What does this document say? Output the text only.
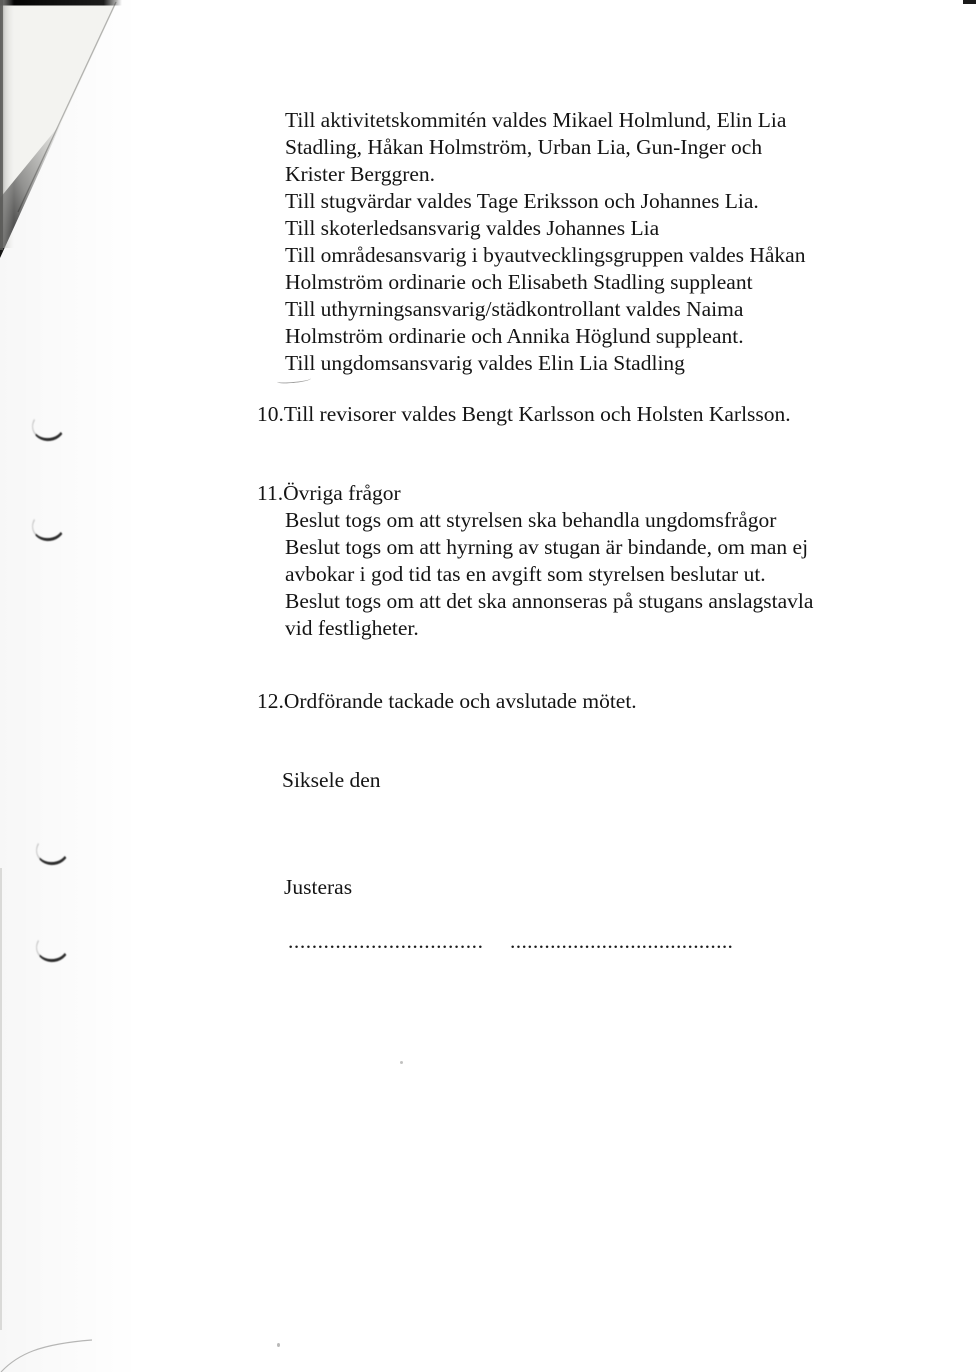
Till aktivitetskommitén valdes Mikael Holmlund, Elin Lia
Stadling, Håkan Holmström, Urban Lia, Gun-Inger och
Krister Berggren.
Till stugvärdar valdes Tage Eriksson och Johannes Lia.
Till skoterledsansvarig valdes Johannes Lia
Till områdesansvarig i byautvecklingsgruppen valdes Håkan
Holmström ordinarie och Elisabeth Stadling suppleant
Till uthyrningsansvarig/städkontrollant valdes Naima
Holmström ordinarie och Annika Höglund suppleant.
Till ungdomsansvarig valdes Elin Lia Stadling
10.Till revisorer valdes Bengt Karlsson och Holsten Karlsson.
11.Övriga frågor
Beslut togs om att styrelsen ska behandla ungdomsfrågor
Beslut togs om att hyrning av stugan är bindande, om man ej
avbokar i god tid tas en avgift som styrelsen beslutar ut.
Beslut togs om att det ska annonseras på stugans anslagstavla
vid festligheter.
12.Ordförande tackade och avslutade mötet.
Siksele den
Justeras
................................. .......................................
